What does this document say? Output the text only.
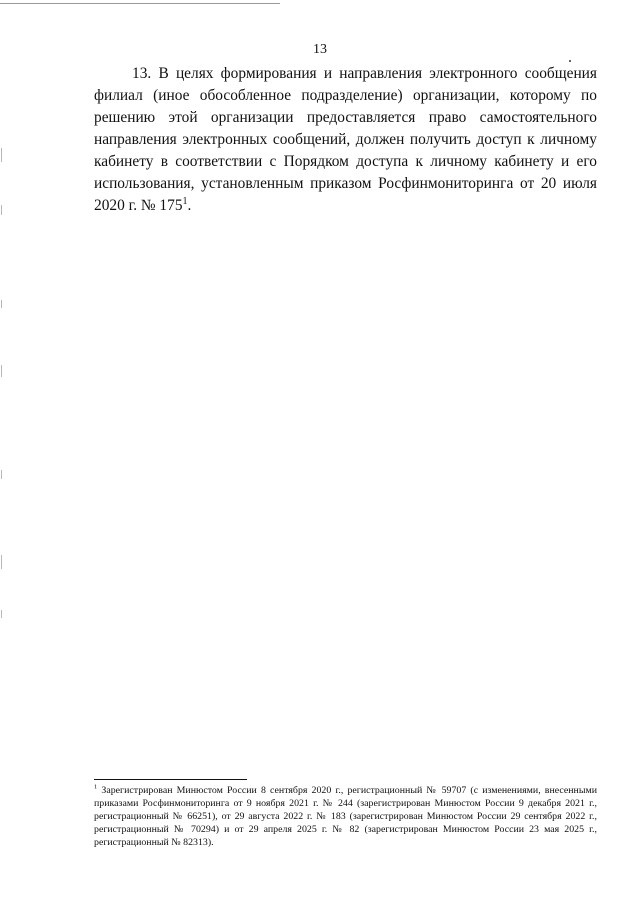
13

13. В целях формирования и направления электронного сообщения филиал (иное обособленное подразделение) организации, которому по решению этой организации предоставляется право самостоятельного направления электронных сообщений, должен получить доступ к личному кабинету в соответствии с Порядком доступа к личному кабинету и его использования, установленным приказом Росфинмониторинга от 20 июля 2020 г. № $175^1$.

$^1$ Зарегистрирован Минюстом России 8 сентября 2020 г., регистрационный № 59707 (с изменениями, внесенными приказами Росфинмониторинга от 9 ноября 2021 г. № 244 (зарегистрирован Минюстом России 9 декабря 2021 г., регистрационный № 66251), от 29 августа 2022 г. № 183 (зарегистрирован Минюстом России 29 сентября 2022 г., регистрационный № 70294) и от 29 апреля 2025 г. № 82 (зарегистрирован Минюстом России 23 мая 2025 г., регистрационный № 82313).
